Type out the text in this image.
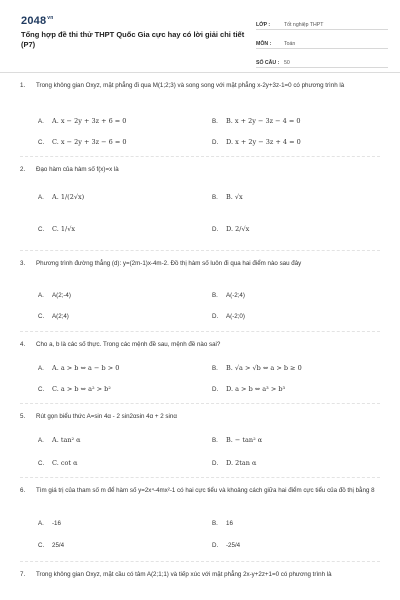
$2048^{vn}$
Tổng hợp đề thi thử THPT Quốc Gia cực hay có lời giải chi tiết (P7)
LỚP :	Tốt nghiệp THPT
MÔN :	Toán
SỐ CÂU : 50
1.	Trong không gian Oxyz, mặt phẳng đi qua M(1;2;3) và song song với mặt phẳng x-2y+3z-1=0 có phương trình là
A.	A. x − 2y + 3z + 6 = 0	B.	B. x + 2y − 3z − 4 = 0
C.	C. x − 2y + 3z − 6 = 0	D.	D. x + 2y − 3z + 4 = 0
2.	Đạo hàm của hàm số f(x)=x là
A.	A. 1/(2√x)	B.	B. √x
C.	C. 1/√x	D.	D. 2/√x
3.	Phương trình đường thẳng (d): y=(2m-1)x-4m-2. Đồ thị hàm số luôn đi qua hai điểm nào sau đây
A.	A(2;-4)	B.	A(-2;4)
C.	A(2;4)	D.	A(-2;0)
4.	Cho a, b là các số thực. Trong các mệnh đề sau, mệnh đề nào sai?
A.	A. a > b ⇔ a − b > 0	B.	B. √a > √b ⇔ a > b ≥ 0
C.	C. a > b ⇔ a² > b²	D.	D. a > b ⇔ a³ > b³
5.	Rút gọn biểu thức A=sin 4α - 2 sin2αsin 4α + 2 sinα
A.	A. tan² α	B.	B. − tan² α
C.	C. cot α	D.	D. 2tan α
6.	Tìm giá trị của tham số m để hàm số y=2x⁴-4mx²-1 có hai cực tiểu và khoảng cách giữa hai điểm cực tiểu của đồ thị bằng 8
A.	-16	B.	16
C.	25/4	D.	-25/4
7.	Trong không gian Oxyz, mặt cầu có tâm A(2;1;1) và tiếp xúc với mặt phẳng 2x-y+2z+1=0 có phương trình là
